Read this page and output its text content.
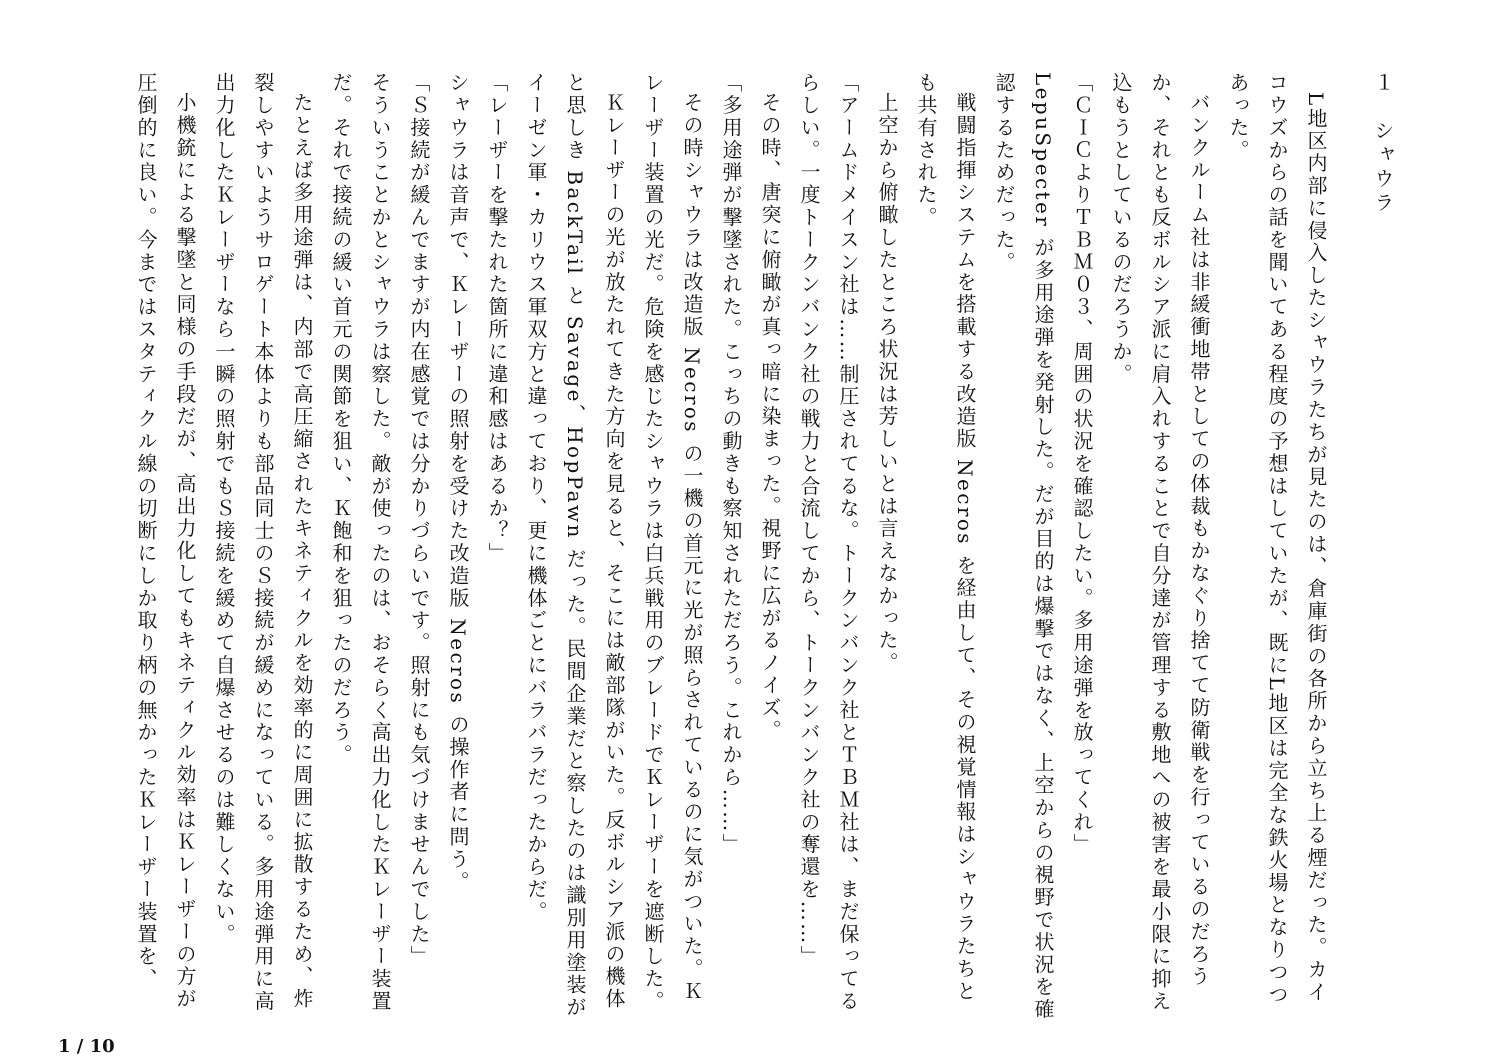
１　シャウラ

L地区内部に侵入したシャウラたちが見たのは、倉庫街の各所から立ち上る煙だった。カイコウズからの話を聞いてある程度の予想はしていたが、既にL地区は完全な鉄火場となりつつあった。

バンクルーム社は非緩衝地帯としての体裁もかなぐり捨てて防衛戦を行っているのだろうか、それとも反ボルシア派に肩入れすることで自分達が管理する敷地への被害を最小限に抑え込もうとしているのだろうか。

「ＣＩＣよりＴＢＭ０３、周囲の状況を確認したい。多用途弾を放ってくれ」

LepuSpecter が多用途弾を発射した。だが目的は爆撃ではなく、上空からの視野で状況を確認するためだった。

戦闘指揮システムを搭載する改造版 Necros を経由して、その視覚情報はシャウラたちとも共有された。

上空から俯瞰したところ状況は芳しいとは言えなかった。

「アームドメイスン社は……制圧されてるな。トークンバンク社とＴＢＭ社は、まだ保ってるらしい。一度トークンバンク社の戦力と合流してから、トークンバンク社の奪還を……」

その時、唐突に俯瞰が真っ暗に染まった。視野に広がるノイズ。

「多用途弾が撃墜された。こっちの動きも察知されただろう。これから……」

その時シャウラは改造版 Necros の一機の首元に光が照らされているのに気がついた。Ｋレーザー装置の光だ。危険を感じたシャウラは白兵戦用のブレードでＫレーザーを遮断した。

Ｋレーザーの光が放たれてきた方向を見ると、そこには敵部隊がいた。反ボルシア派の機体と思しき BackTail と Savage、HopPawn だった。民間企業だと察したのは識別用塗装がイーゼン軍・カリウス軍双方と違っており、更に機体ごとにバラバラだったからだ。

「レーザーを撃たれた箇所に違和感はあるか？」

シャウラは音声で、Ｋレーザーの照射を受けた改造版 Necros の操作者に問う。

「Ｓ接続が緩んでますが内在感覚では分かりづらいです。照射にも気づけませんでした」

そういうことかとシャウラは察した。敵が使ったのは、おそらく高出力化したＫレーザー装置だ。それで接続の緩い首元の関節を狙い、Ｋ飽和を狙ったのだろう。

たとえば多用途弾は、内部で高圧縮されたキネティクルを効率的に周囲に拡散するため、炸裂しやすいようサロゲート本体よりも部品同士のＳ接続が緩めになっている。多用途弾用に高出力化したＫレーザーなら一瞬の照射でもＳ接続を緩めて自爆させるのは難しくない。

小機銃による撃墜と同様の手段だが、高出力化してもキネティクル効率はＫレーザーの方が圧倒的に良い。今まではスタティクル線の切断にしか取り柄の無かったＫレーザー装置を、

1 / 10
